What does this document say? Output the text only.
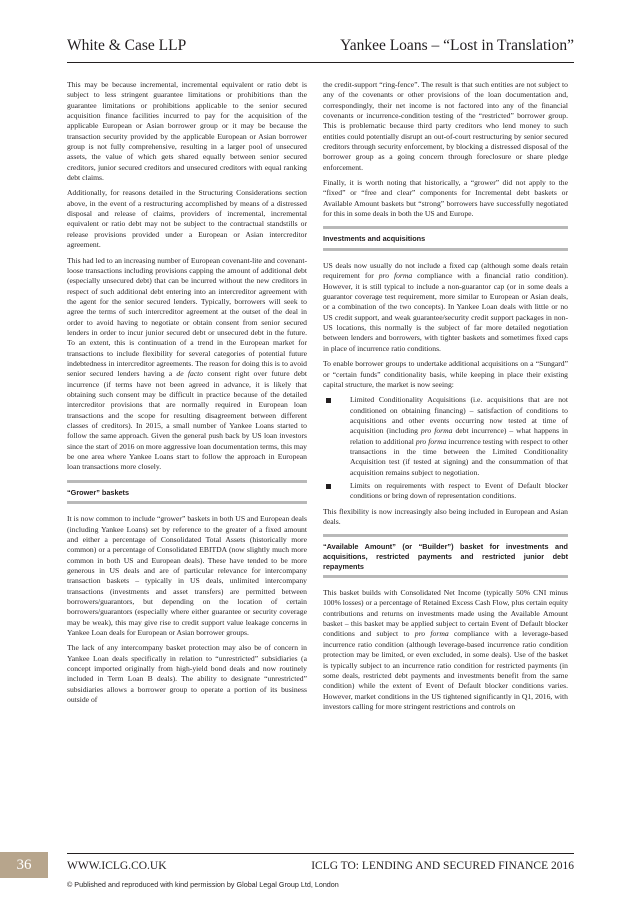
White & Case LLP	Yankee Loans – “Lost in Translation”

This may be because incremental, incremental equivalent or ratio debt is subject to less stringent guarantee limitations or prohibitions than the guarantee limitations or prohibitions applicable to the senior secured acquisition finance facilities incurred to pay for the acquisition of the applicable European or Asian borrower group or it may be because the transaction security provided by the applicable European or Asian borrower group is not fully comprehensive, resulting in a larger pool of unsecured assets, the value of which gets shared equally between senior secured creditors, junior secured creditors and unsecured creditors with equal ranking debt claims.

Additionally, for reasons detailed in the Structuring Considerations section above, in the event of a restructuring accomplished by means of a distressed disposal and release of claims, providers of incremental, incremental equivalent or ratio debt may not be subject to the contractual standstills or release provisions provided under a European or Asian intercreditor agreement.

This had led to an increasing number of European covenant-lite and covenant-loose transactions including provisions capping the amount of additional debt (especially unsecured debt) that can be incurred without the new creditors in respect of such additional debt entering into an intercreditor agreement with the agent for the senior secured lenders. Typically, borrowers will seek to agree the terms of such intercreditor agreement at the outset of the deal in order to avoid having to negotiate or obtain consent from senior secured lenders in order to incur junior secured debt or unsecured debt in the future. To an extent, this is continuation of a trend in the European market for transactions to include flexibility for several categories of potential future indebtedness in intercreditor agreements. The reason for doing this is to avoid senior secured lenders having a de facto consent right over future debt incurrence (if terms have not been agreed in advance, it is likely that obtaining such consent may be difficult in practice because of the detailed intercreditor provisions that are normally required in European loan transactions and the scope for resulting disagreement between different classes of creditors). In 2015, a small number of Yankee Loans started to follow the same approach. Given the general push back by US loan investors since the start of 2016 on more aggressive loan documentation terms, this may be one area where Yankee Loans start to follow the approach in European loan transactions more closely.

“Grower” baskets

It is now common to include “grower” baskets in both US and European deals (including Yankee Loans) set by reference to the greater of a fixed amount and either a percentage of Consolidated Total Assets (historically more common) or a percentage of Consolidated EBITDA (now slightly much more common in both US and European deals). These have tended to be more generous in US deals and are of particular relevance for intercompany transaction baskets – typically in US deals, unlimited intercompany transactions (investments and asset transfers) are permitted between borrowers/guarantors, but depending on the location of certain borrowers/guarantors (especially where either guarantee or security coverage may be weak), this may give rise to credit support value leakage concerns in Yankee Loan deals for European or Asian borrower groups.

The lack of any intercompany basket protection may also be of concern in Yankee Loan deals specifically in relation to “unrestricted” subsidiaries (a concept imported originally from high-yield bond deals and now routinely included in Term Loan B deals). The ability to designate “unrestricted” subsidiaries allows a borrower group to operate a portion of its business outside of

the credit-support “ring-fence”. The result is that such entities are not subject to any of the covenants or other provisions of the loan documentation and, correspondingly, their net income is not factored into any of the financial covenants or incurrence-condition testing of the “restricted” borrower group. This is problematic because third party creditors who lend money to such entities could potentially disrupt an out-of-court restructuring by senior secured creditors through security enforcement, by blocking a distressed disposal of the borrower group as a going concern through foreclosure or share pledge enforcement.

Finally, it is worth noting that historically, a “grower” did not apply to the “fixed” or “free and clear” components for Incremental debt baskets or Available Amount baskets but “strong” borrowers have successfully negotiated for this in some deals in both the US and Europe.

Investments and acquisitions

US deals now usually do not include a fixed cap (although some deals retain requirement for pro forma compliance with a financial ratio condition). However, it is still typical to include a non-guarantor cap (or in some deals a guarantor coverage test requirement, more similar to European or Asian deals, or a combination of the two concepts). In Yankee Loan deals with little or no US credit support, and weak guarantee/security credit support packages in non-US locations, this normally is the subject of far more detailed negotiation between lenders and borrowers, with tighter baskets and sometimes fixed caps in place of incurrence ratio conditions.

To enable borrower groups to undertake additional acquisitions on a “Sungard” or “certain funds” conditionality basis, while keeping in place their existing capital structure, the market is now seeing:

Limited Conditionality Acquisitions (i.e. acquisitions that are not conditioned on obtaining financing) – satisfaction of conditions to acquisitions and other events occurring now tested at time of acquisition (including pro forma debt incurrence) – what happens in relation to additional pro forma incurrence testing with respect to other transactions in the time between the Limited Conditionality Acquisition test (if tested at signing) and the consummation of that acquisition remains subject to negotiation.
Limits on requirements with respect to Event of Default blocker conditions or bring down of representation conditions.

This flexibility is now increasingly also being included in European and Asian deals.

“Available Amount” (or “Builder”) basket for investments and acquisitions, restricted payments and restricted junior debt repayments

This basket builds with Consolidated Net Income (typically 50% CNI minus 100% losses) or a percentage of Retained Excess Cash Flow, plus certain equity contributions and returns on investments made using the Available Amount basket – this basket may be applied subject to certain Event of Default blocker conditions and subject to pro forma compliance with a leverage-based incurrence ratio condition (although leverage-based incurrence ratio condition protection may be limited, or even excluded, in some deals). Use of the basket is typically subject to an incurrence ratio condition for restricted payments (in some deals, restricted debt payments and investments benefit from the same condition) while the extent of Event of Default blocker conditions varies. However, market conditions in the US tightened significantly in Q1, 2016, with investors calling for more stringent restrictions and controls on

36	WWW.ICLG.CO.UK	ICLG TO: LENDING AND SECURED FINANCE 2016
© Published and reproduced with kind permission by Global Legal Group Ltd, London
